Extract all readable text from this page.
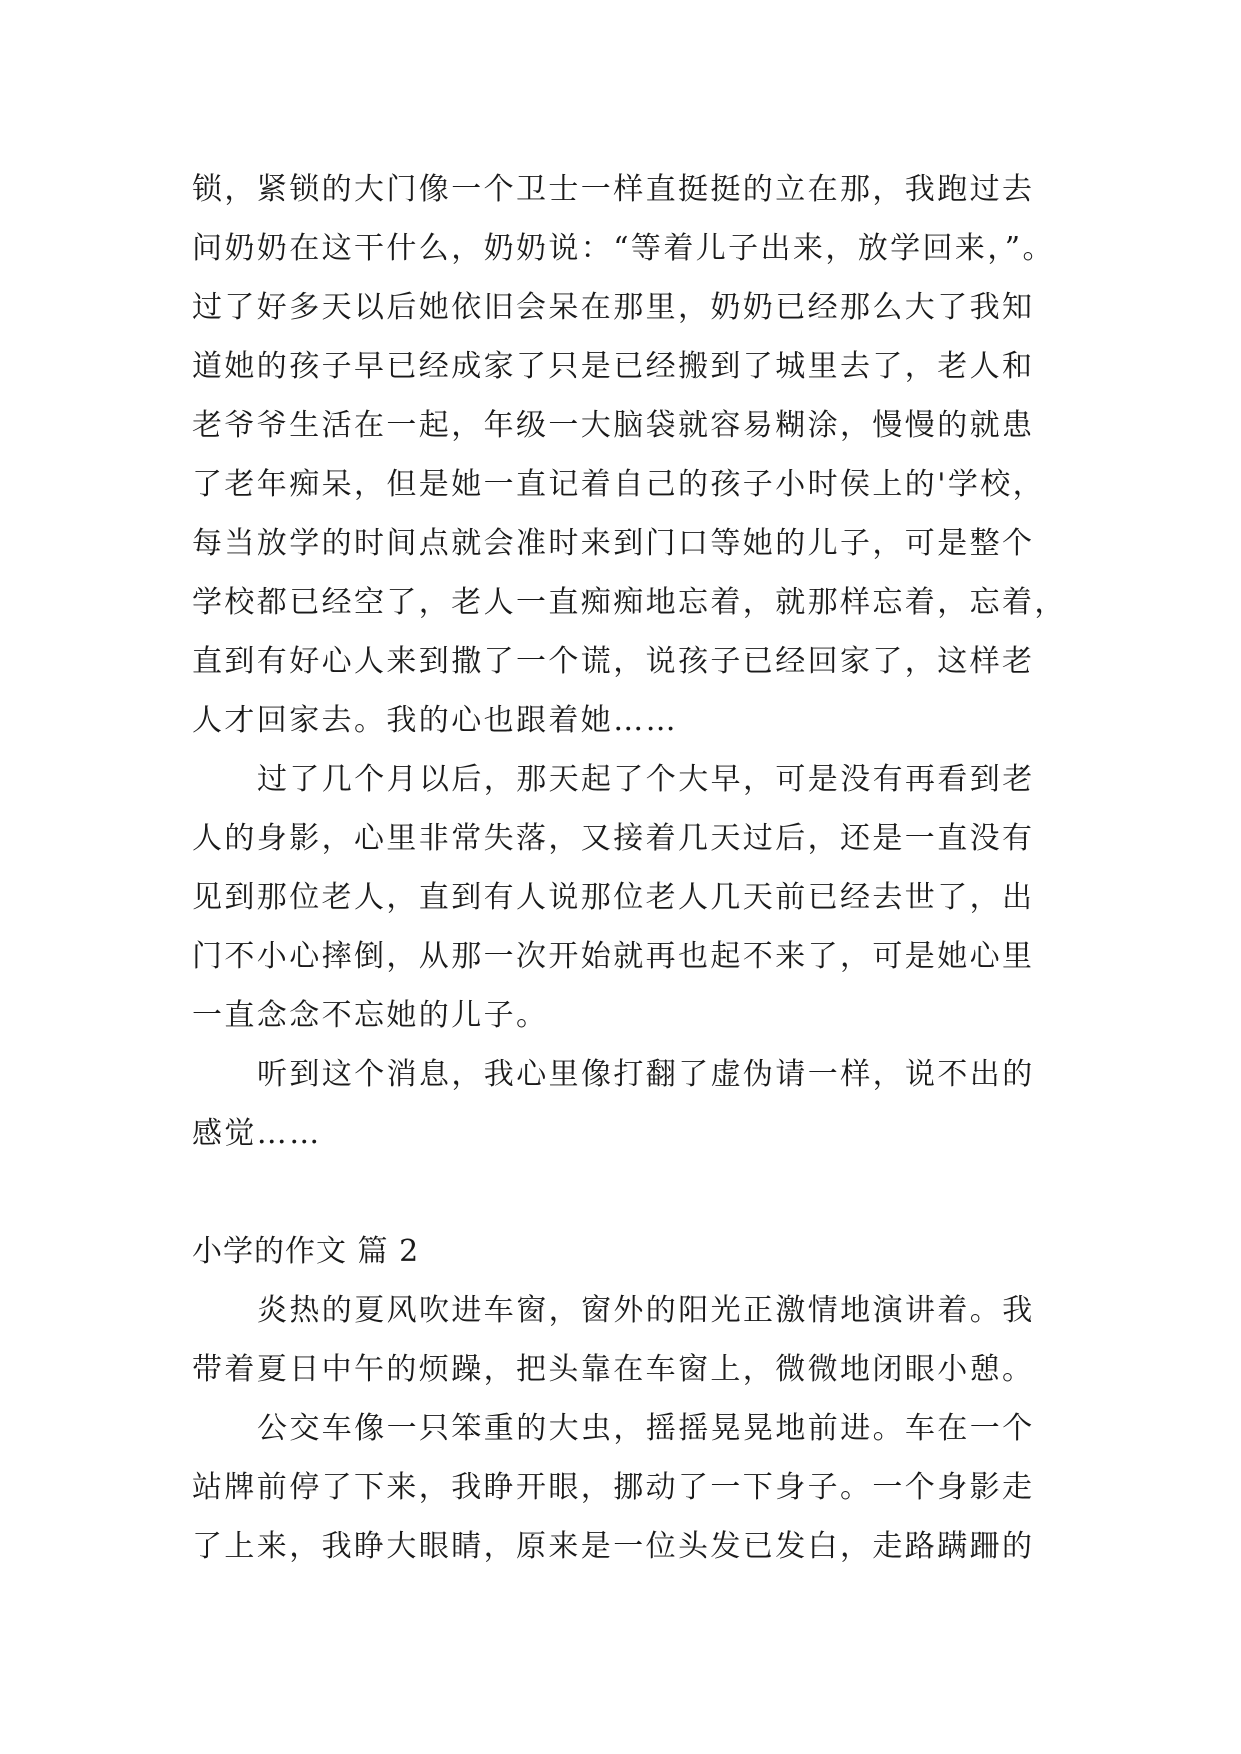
锁，紧锁的大门像一个卫士一样直挺挺的立在那，我跑过去
问奶奶在这干什么，奶奶说：“等着儿子出来，放学回来，”。
过了好多天以后她依旧会呆在那里，奶奶已经那么大了我知
道她的孩子早已经成家了只是已经搬到了城里去了，老人和
老爷爷生活在一起，年级一大脑袋就容易糊涂，慢慢的就患
了老年痴呆，但是她一直记着自己的孩子小时侯上的'学校，
每当放学的时间点就会准时来到门口等她的儿子，可是整个
学校都已经空了，老人一直痴痴地忘着，就那样忘着，忘着，
直到有好心人来到撒了一个谎，说孩子已经回家了，这样老
人才回家去。我的心也跟着她……
过了几个月以后，那天起了个大早，可是没有再看到老
人的身影，心里非常失落，又接着几天过后，还是一直没有
见到那位老人，直到有人说那位老人几天前已经去世了，出
门不小心摔倒，从那一次开始就再也起不来了，可是她心里
一直念念不忘她的儿子。
听到这个消息，我心里像打翻了虚伪请一样，说不出的
感觉……
小学的作文 篇 2
炎热的夏风吹进车窗，窗外的阳光正激情地演讲着。我
带着夏日中午的烦躁，把头靠在车窗上，微微地闭眼小憩。
公交车像一只笨重的大虫，摇摇晃晃地前进。车在一个
站牌前停了下来，我睁开眼，挪动了一下身子。一个身影走
了上来，我睁大眼睛，原来是一位头发已发白，走路蹒跚的
